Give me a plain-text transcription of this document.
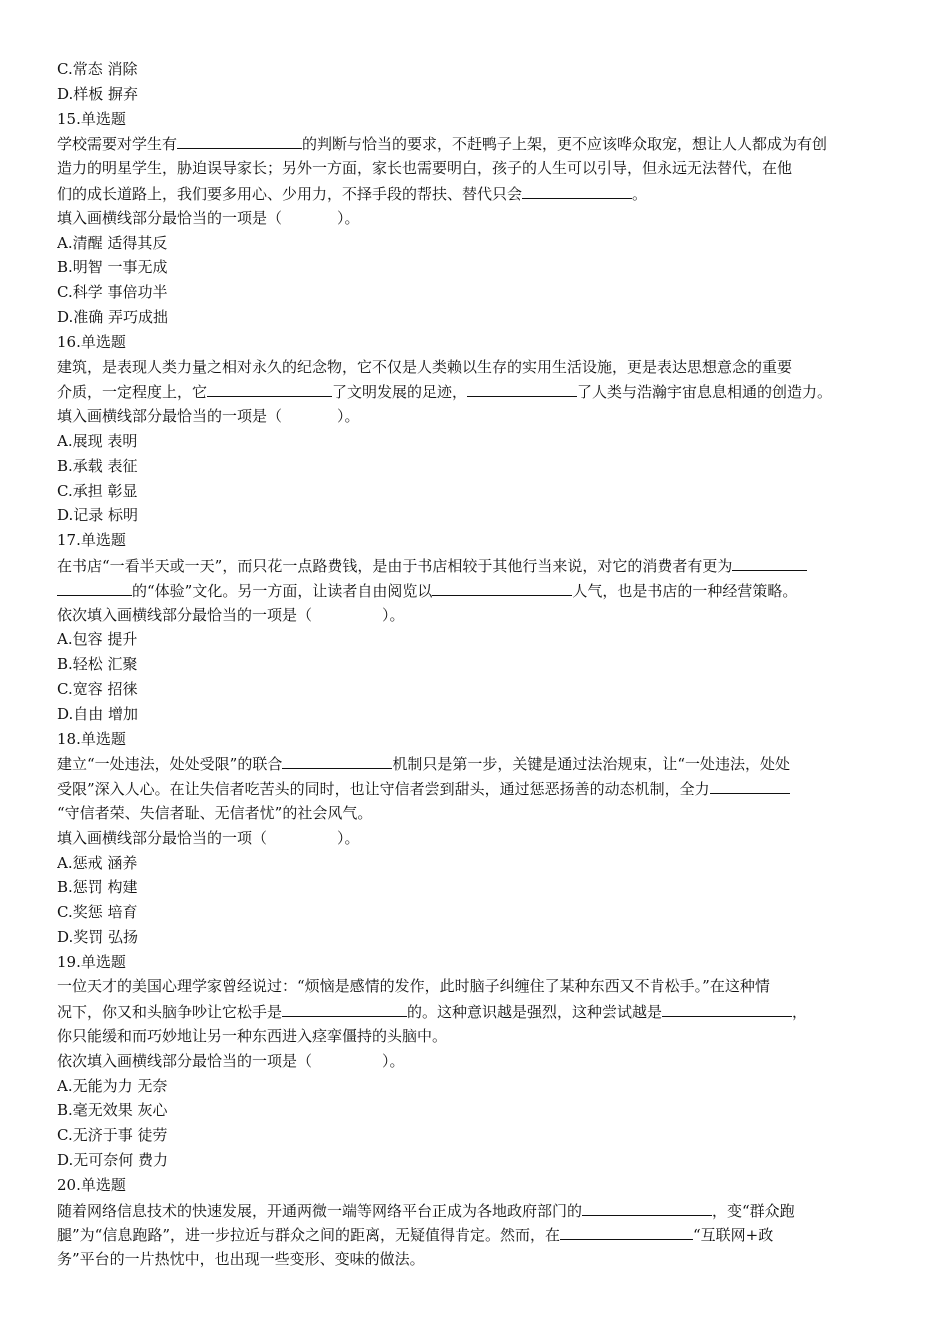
C.常态 消除
D.样板 摒弃
15.单选题
学校需要对学生有	的判断与恰当的要求，不赶鸭子上架，更不应该哗众取宠，想让人人都成为有创
造力的明星学生，胁迫误导家长；另外一方面，家长也需要明白，孩子的人生可以引导，但永远无法替代，在他
们的成长道路上，我们要多用心、少用力，不择手段的帮扶、替代只会	。
填入画横线部分最恰当的一项是（	）。
A.清醒 适得其反
B.明智 一事无成
C.科学 事倍功半
D.准确 弄巧成拙
16.单选题
建筑，是表现人类力量之相对永久的纪念物，它不仅是人类赖以生存的实用生活设施，更是表达思想意念的重要
介质，一定程度上，它	了文明发展的足迹，	了人类与浩瀚宇宙息息相通的创造力。
填入画横线部分最恰当的一项是（	）。
A.展现 表明
B.承载 表征
C.承担 彰显
D.记录 标明
17.单选题
在书店“一看半天或一天”，而只花一点路费钱，是由于书店相较于其他行当来说，对它的消费者有更为
的“体验”文化。另一方面，让读者自由阅览以	人气，也是书店的一种经营策略。
依次填入画横线部分最恰当的一项是（	）。
A.包容 提升
B.轻松 汇聚
C.宽容 招徕
D.自由 增加
18.单选题
建立“一处违法，处处受限”的联合	机制只是第一步，关键是通过法治规束，让“一处违法，处处
受限”深入人心。在让失信者吃苦头的同时，也让守信者尝到甜头，通过惩恶扬善的动态机制，全力
“守信者荣、失信者耻、无信者忧”的社会风气。
填入画横线部分最恰当的一项（	）。
A.惩戒 涵养
B.惩罚 构建
C.奖惩 培育
D.奖罚 弘扬
19.单选题
一位天才的美国心理学家曾经说过：“烦恼是感情的发作，此时脑子纠缠住了某种东西又不肯松手。”在这种情
况下，你又和头脑争吵让它松手是	的。这种意识越是强烈，这种尝试越是	，
你只能缓和而巧妙地让另一种东西进入痉挛僵持的头脑中。
依次填入画横线部分最恰当的一项是（	）。
A.无能为力 无奈
B.毫无效果 灰心
C.无济于事 徒劳
D.无可奈何 费力
20.单选题
随着网络信息技术的快速发展，开通两微一端等网络平台正成为各地政府部门的	，变“群众跑
腿”为“信息跑路”，进一步拉近与群众之间的距离，无疑值得肯定。然而，在	“互联网+政
务”平台的一片热忱中，也出现一些变形、变味的做法。
